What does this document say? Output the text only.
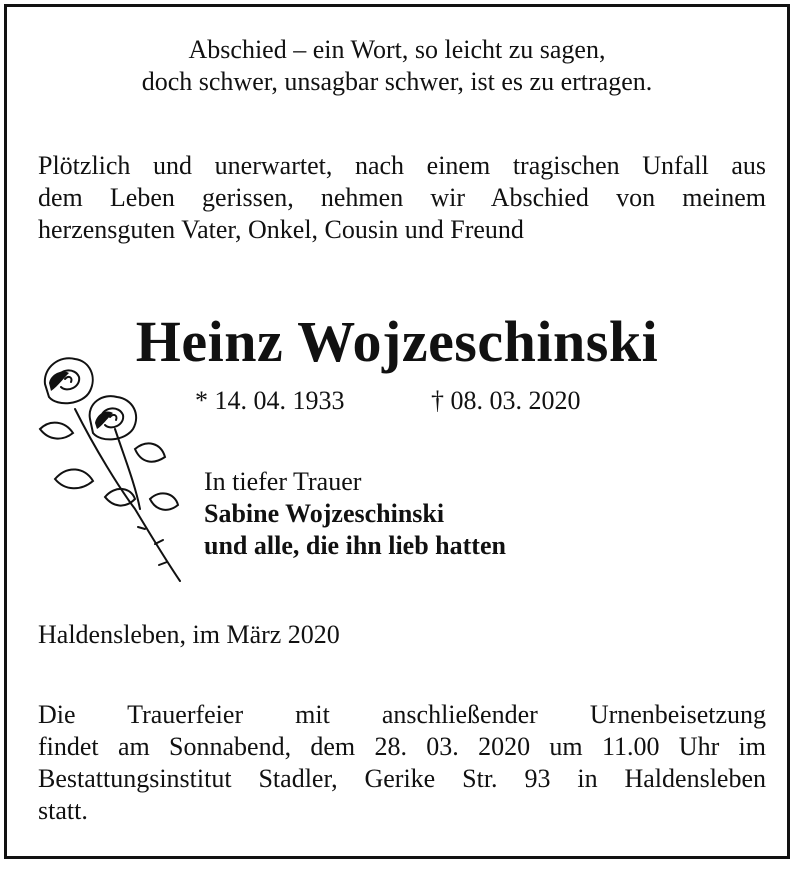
Abschied – ein Wort, so leicht zu sagen,
doch schwer, unsagbar schwer, ist es zu ertragen.
Plötzlich und unerwartet, nach einem tragischen Unfall aus
dem Leben gerissen, nehmen wir Abschied von meinem
herzensguten Vater, Onkel, Cousin und Freund
Heinz Wojzeschinski
* 14. 04. 1933	† 08. 03. 2020
In tiefer Trauer
Sabine Wojzeschinski
und alle, die ihn lieb hatten
Haldensleben, im März 2020
Die Trauerfeier mit anschließender Urnenbeisetzung
findet am Sonnabend, dem 28. 03. 2020 um 11.00 Uhr im
Bestattungsinstitut Stadler, Gerike Str. 93 in Haldensleben
statt.
